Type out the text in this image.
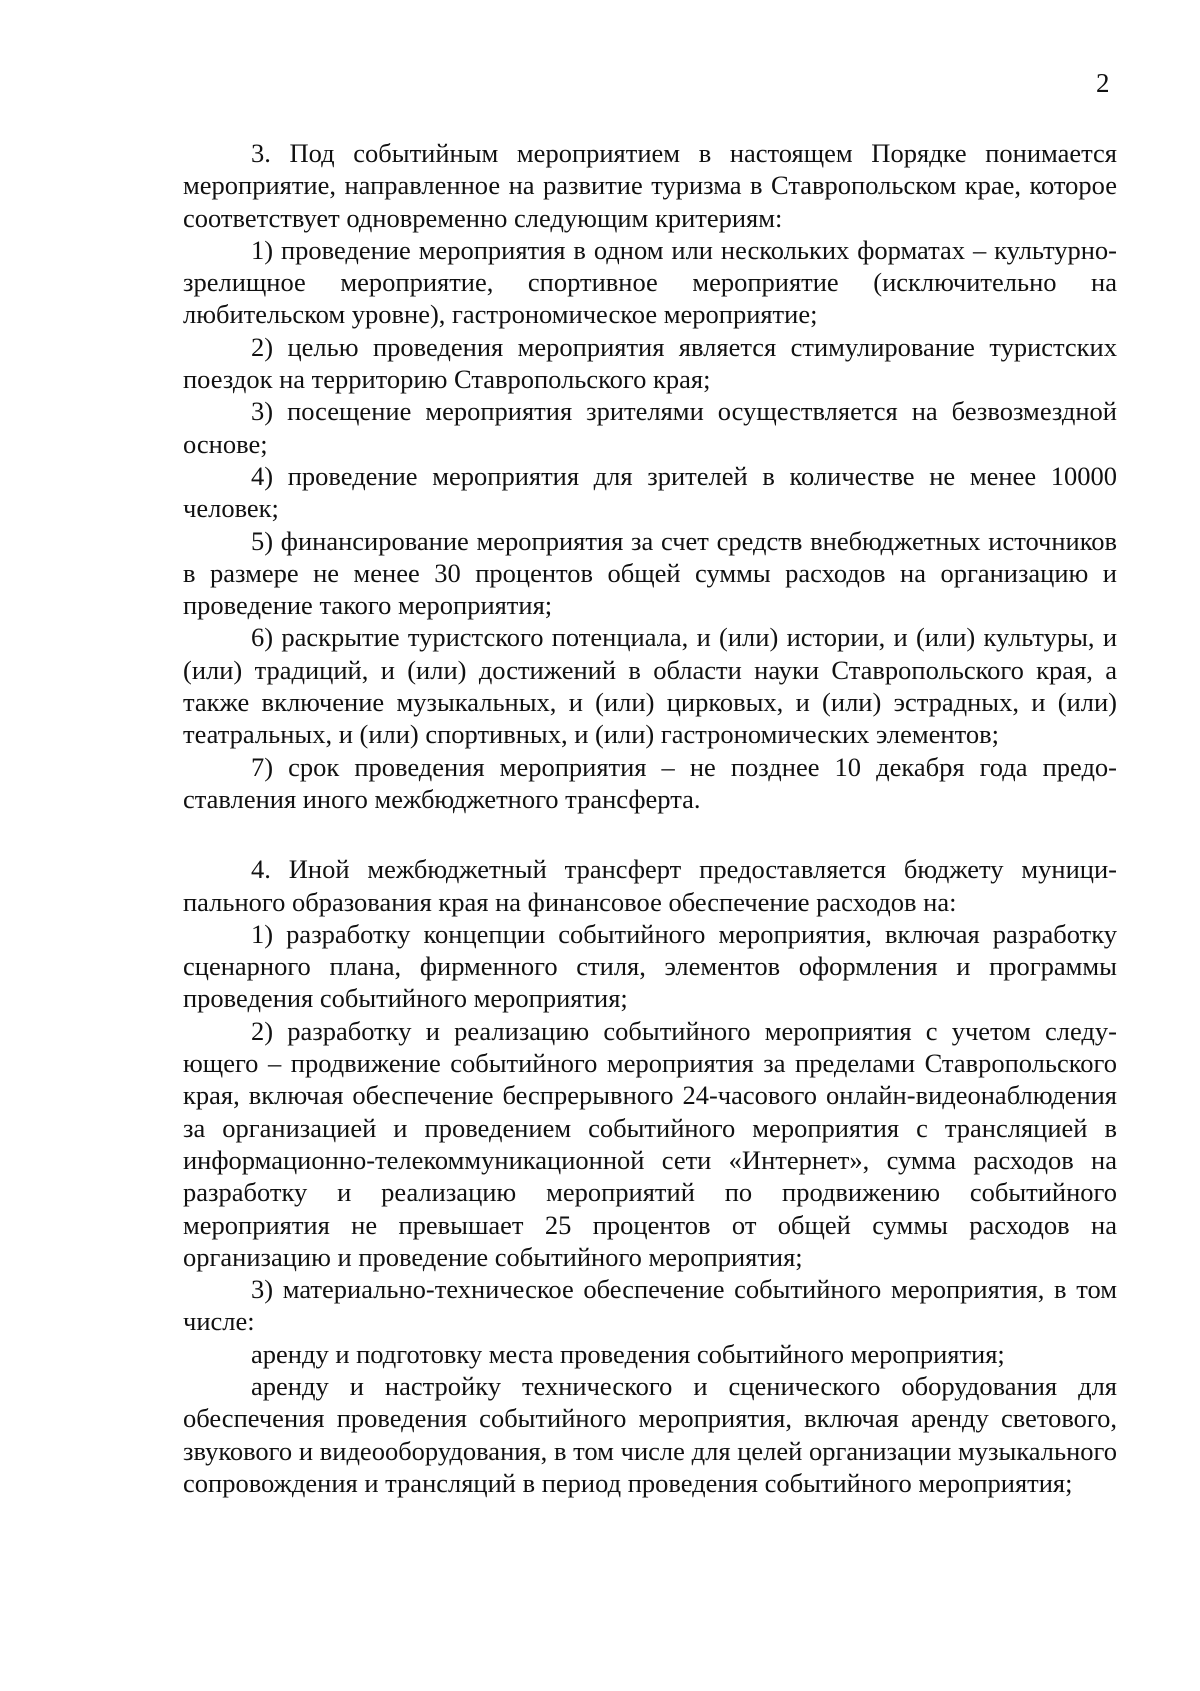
2

3. Под событийным мероприятием в настоящем Порядке понимается мероприятие, направленное на развитие туризма в Ставропольском крае, которое соответствует одновременно следующим критериям:

1) проведение мероприятия в одном или нескольких форматах – культурно-зрелищное мероприятие, спортивное мероприятие (исключительно на любительском уровне), гастрономическое мероприятие;

2) целью проведения мероприятия является стимулирование туристских поездок на территорию Ставропольского края;

3) посещение мероприятия зрителями осуществляется на безвозмездной основе;

4) проведение мероприятия для зрителей в количестве не менее 10000 человек;

5) финансирование мероприятия за счет средств внебюджетных источников в размере не менее 30 процентов общей суммы расходов на организацию и проведение такого мероприятия;

6) раскрытие туристского потенциала, и (или) истории, и (или) культуры, и (или) традиций, и (или) достижений в области науки Ставропольского края, а также включение музыкальных, и (или) цирковых, и (или) эстрадных, и (или) театральных, и (или) спортивных, и (или) гастрономических элементов;

7) срок проведения мероприятия – не позднее 10 декабря года предоставления иного межбюджетного трансферта.

4. Иной межбюджетный трансферт предоставляется бюджету муниципального образования края на финансовое обеспечение расходов на:

1) разработку концепции событийного мероприятия, включая разработку сценарного плана, фирменного стиля, элементов оформления и программы проведения событийного мероприятия;

2) разработку и реализацию событийного мероприятия с учетом следующего – продвижение событийного мероприятия за пределами Ставропольского края, включая обеспечение беспрерывного 24-часового онлайн-видеонаблюдения за организацией и проведением событийного мероприятия с трансляцией в информационно-телекоммуникационной сети «Интернет», сумма расходов на разработку и реализацию мероприятий по продвижению событийного мероприятия не превышает 25 процентов от общей суммы расходов на организацию и проведение событийного мероприятия;

3) материально-техническое обеспечение событийного мероприятия, в том числе:

аренду и подготовку места проведения событийного мероприятия;

аренду и настройку технического и сценического оборудования для обеспечения проведения событийного мероприятия, включая аренду светового, звукового и видеооборудования, в том числе для целей организации музыкального сопровождения и трансляций в период проведения событийного мероприятия;
